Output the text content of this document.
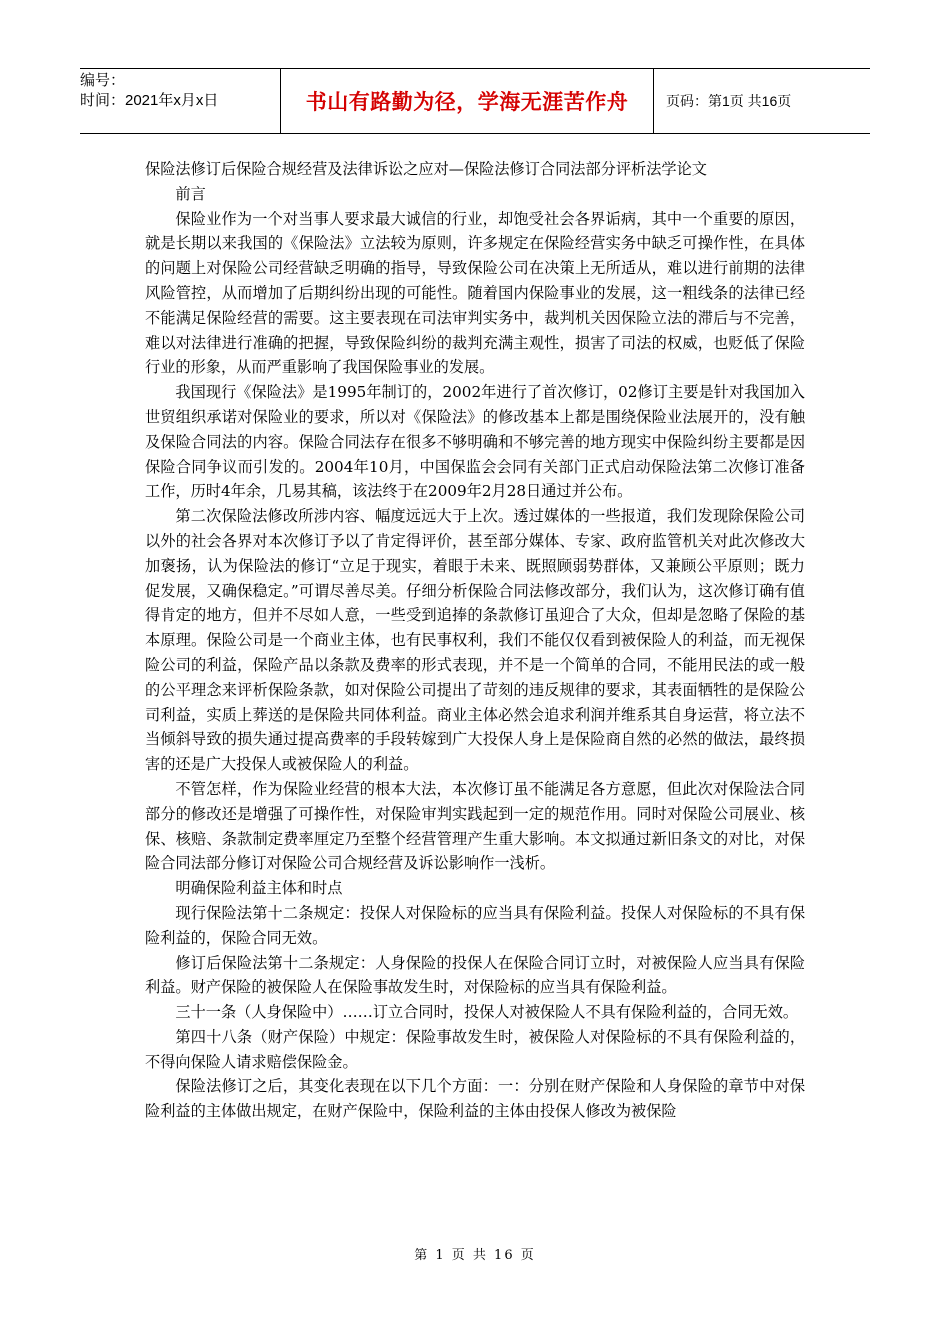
编号：
时间：2021年x月x日	书山有路勤为径，学海无涯苦作舟	页码：第1页 共16页

保险法修订后保险合规经营及法律诉讼之应对—保险法修订合同法部分评析法学论文

前言

保险业作为一个对当事人要求最大诚信的行业，却饱受社会各界诟病，其中一个重要的原因，就是长期以来我国的《保险法》立法较为原则，许多规定在保险经营实务中缺乏可操作性，在具体的问题上对保险公司经营缺乏明确的指导，导致保险公司在决策上无所适从，难以进行前期的法律风险管控，从而增加了后期纠纷出现的可能性。随着国内保险事业的发展，这一粗线条的法律已经不能满足保险经营的需要。这主要表现在司法审判实务中，裁判机关因保险立法的滞后与不完善，难以对法律进行准确的把握，导致保险纠纷的裁判充满主观性，损害了司法的权威，也贬低了保险行业的形象，从而严重影响了我国保险事业的发展。

我国现行《保险法》是1995年制订的，2002年进行了首次修订，02修订主要是针对我国加入世贸组织承诺对保险业的要求，所以对《保险法》的修改基本上都是围绕保险业法展开的，没有触及保险合同法的内容。保险合同法存在很多不够明确和不够完善的地方现实中保险纠纷主要都是因保险合同争议而引发的。2004年10月，中国保监会会同有关部门正式启动保险法第二次修订准备工作，历时4年余，几易其稿，该法终于在2009年2月28日通过并公布。

第二次保险法修改所涉内容、幅度远远大于上次。透过媒体的一些报道，我们发现除保险公司以外的社会各界对本次修订予以了肯定得评价，甚至部分媒体、专家、政府监管机关对此次修改大加褒扬，认为保险法的修订“立足于现实，着眼于未来、既照顾弱势群体，又兼顾公平原则；既力促发展，又确保稳定。”可谓尽善尽美。仔细分析保险合同法修改部分，我们认为，这次修订确有值得肯定的地方，但并不尽如人意，一些受到追捧的条款修订虽迎合了大众，但却是忽略了保险的基本原理。保险公司是一个商业主体，也有民事权利，我们不能仅仅看到被保险人的利益，而无视保险公司的利益，保险产品以条款及费率的形式表现，并不是一个简单的合同，不能用民法的或一般的公平理念来评析保险条款，如对保险公司提出了苛刻的违反规律的要求，其表面牺牲的是保险公司利益，实质上葬送的是保险共同体利益。商业主体必然会追求利润并维系其自身运营，将立法不当倾斜导致的损失通过提高费率的手段转嫁到广大投保人身上是保险商自然的必然的做法，最终损害的还是广大投保人或被保险人的利益。

不管怎样，作为保险业经营的根本大法，本次修订虽不能满足各方意愿，但此次对保险法合同部分的修改还是增强了可操作性，对保险审判实践起到一定的规范作用。同时对保险公司展业、核保、核赔、条款制定费率厘定乃至整个经营管理产生重大影响。本文拟通过新旧条文的对比，对保险合同法部分修订对保险公司合规经营及诉讼影响作一浅析。

明确保险利益主体和时点

现行保险法第十二条规定：投保人对保险标的应当具有保险利益。投保人对保险标的不具有保险利益的，保险合同无效。

修订后保险法第十二条规定：人身保险的投保人在保险合同订立时，对被保险人应当具有保险利益。财产保险的被保险人在保险事故发生时，对保险标的应当具有保险利益。

三十一条（人身保险中）……订立合同时，投保人对被保险人不具有保险利益的，合同无效。

第四十八条（财产保险）中规定：保险事故发生时，被保险人对保险标的不具有保险利益的，不得向保险人请求赔偿保险金。

保险法修订之后，其变化表现在以下几个方面：一：分别在财产保险和人身保险的章节中对保险利益的主体做出规定，在财产保险中，保险利益的主体由投保人修改为被保险

第 1 页 共 16 页
